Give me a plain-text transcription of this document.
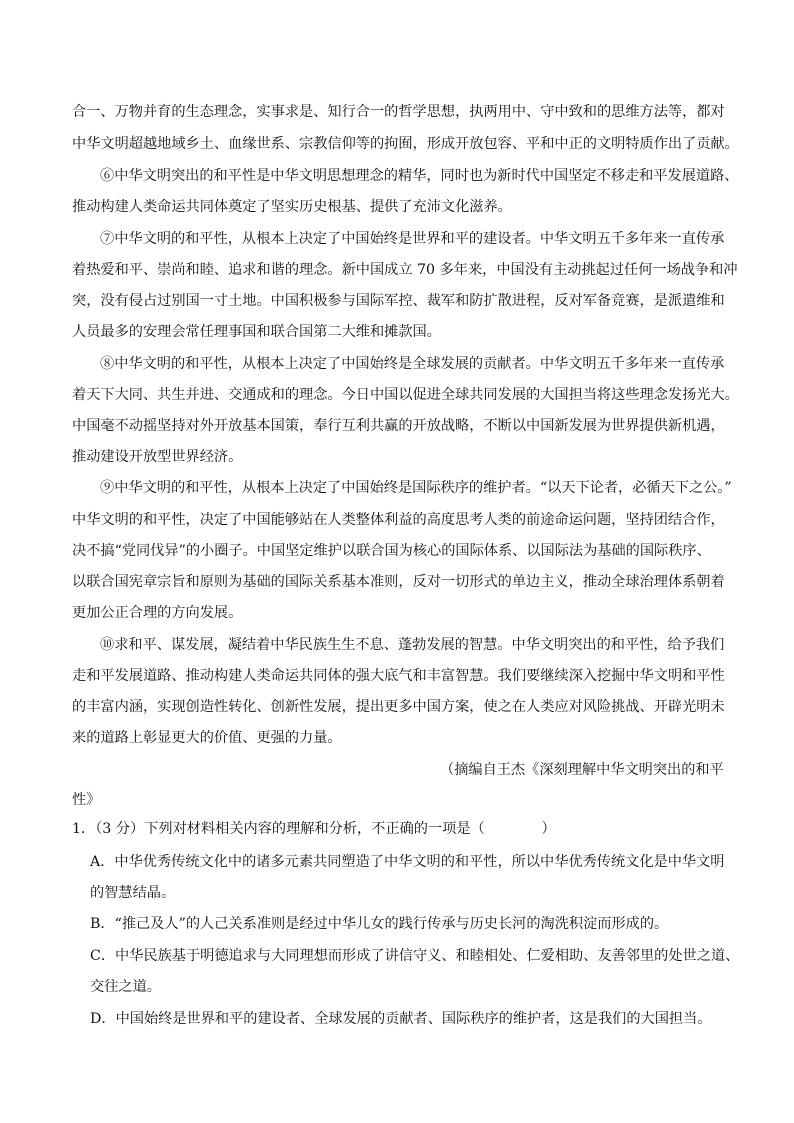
合一、万物并育的生态理念，实事求是、知行合一的哲学思想，执两用中、守中致和的思维方法等，都对
中华文明超越地域乡土、血缘世系、宗教信仰等的拘囿，形成开放包容、平和中正的文明特质作出了贡献。
⑥中华文明突出的和平性是中华文明思想理念的精华，同时也为新时代中国坚定不移走和平发展道路、
推动构建人类命运共同体奠定了坚实历史根基、提供了充沛文化滋养。
⑦中华文明的和平性，从根本上决定了中国始终是世界和平的建设者。中华文明五千多年来一直传承
着热爱和平、崇尚和睦、追求和谐的理念。新中国成立 70 多年来，中国没有主动挑起过任何一场战争和冲
突，没有侵占过别国一寸土地。中国积极参与国际军控、裁军和防扩散进程，反对军备竞赛，是派遣维和
人员最多的安理会常任理事国和联合国第二大维和摊款国。
⑧中华文明的和平性，从根本上决定了中国始终是全球发展的贡献者。中华文明五千多年来一直传承
着天下大同、共生并进、交通成和的理念。今日中国以促进全球共同发展的大国担当将这些理念发扬光大。
中国毫不动摇坚持对外开放基本国策，奉行互利共赢的开放战略，不断以中国新发展为世界提供新机遇，
推动建设开放型世界经济。
⑨中华文明的和平性，从根本上决定了中国始终是国际秩序的维护者。“以天下论者，必循天下之公。”
中华文明的和平性，决定了中国能够站在人类整体利益的高度思考人类的前途命运问题，坚持团结合作，
决不搞“党同伐异”的小圈子。中国坚定维护以联合国为核心的国际体系、以国际法为基础的国际秩序、
以联合国宪章宗旨和原则为基础的国际关系基本准则，反对一切形式的单边主义，推动全球治理体系朝着
更加公正合理的方向发展。
⑩求和平、谋发展，凝结着中华民族生生不息、蓬勃发展的智慧。中华文明突出的和平性，给予我们
走和平发展道路、推动构建人类命运共同体的强大底气和丰富智慧。我们要继续深入挖掘中华文明和平性
的丰富内涵，实现创造性转化、创新性发展，提出更多中国方案，使之在人类应对风险挑战、开辟光明未
来的道路上彰显更大的价值、更强的力量。
（摘编自王杰《深刻理解中华文明突出的和平
性》
1．（3 分）下列对材料相关内容的理解和分析，不正确的一项是（　　　　）
A．中华优秀传统文化中的诸多元素共同塑造了中华文明的和平性，所以中华优秀传统文化是中华文明
的智慧结晶。
B．“推己及人”的人己关系准则是经过中华儿女的践行传承与历史长河的淘洗积淀而形成的。
C．中华民族基于明德追求与大同理想而形成了讲信守义、和睦相处、仁爱相助、友善邻里的处世之道、
交往之道。
D．中国始终是世界和平的建设者、全球发展的贡献者、国际秩序的维护者，这是我们的大国担当。
